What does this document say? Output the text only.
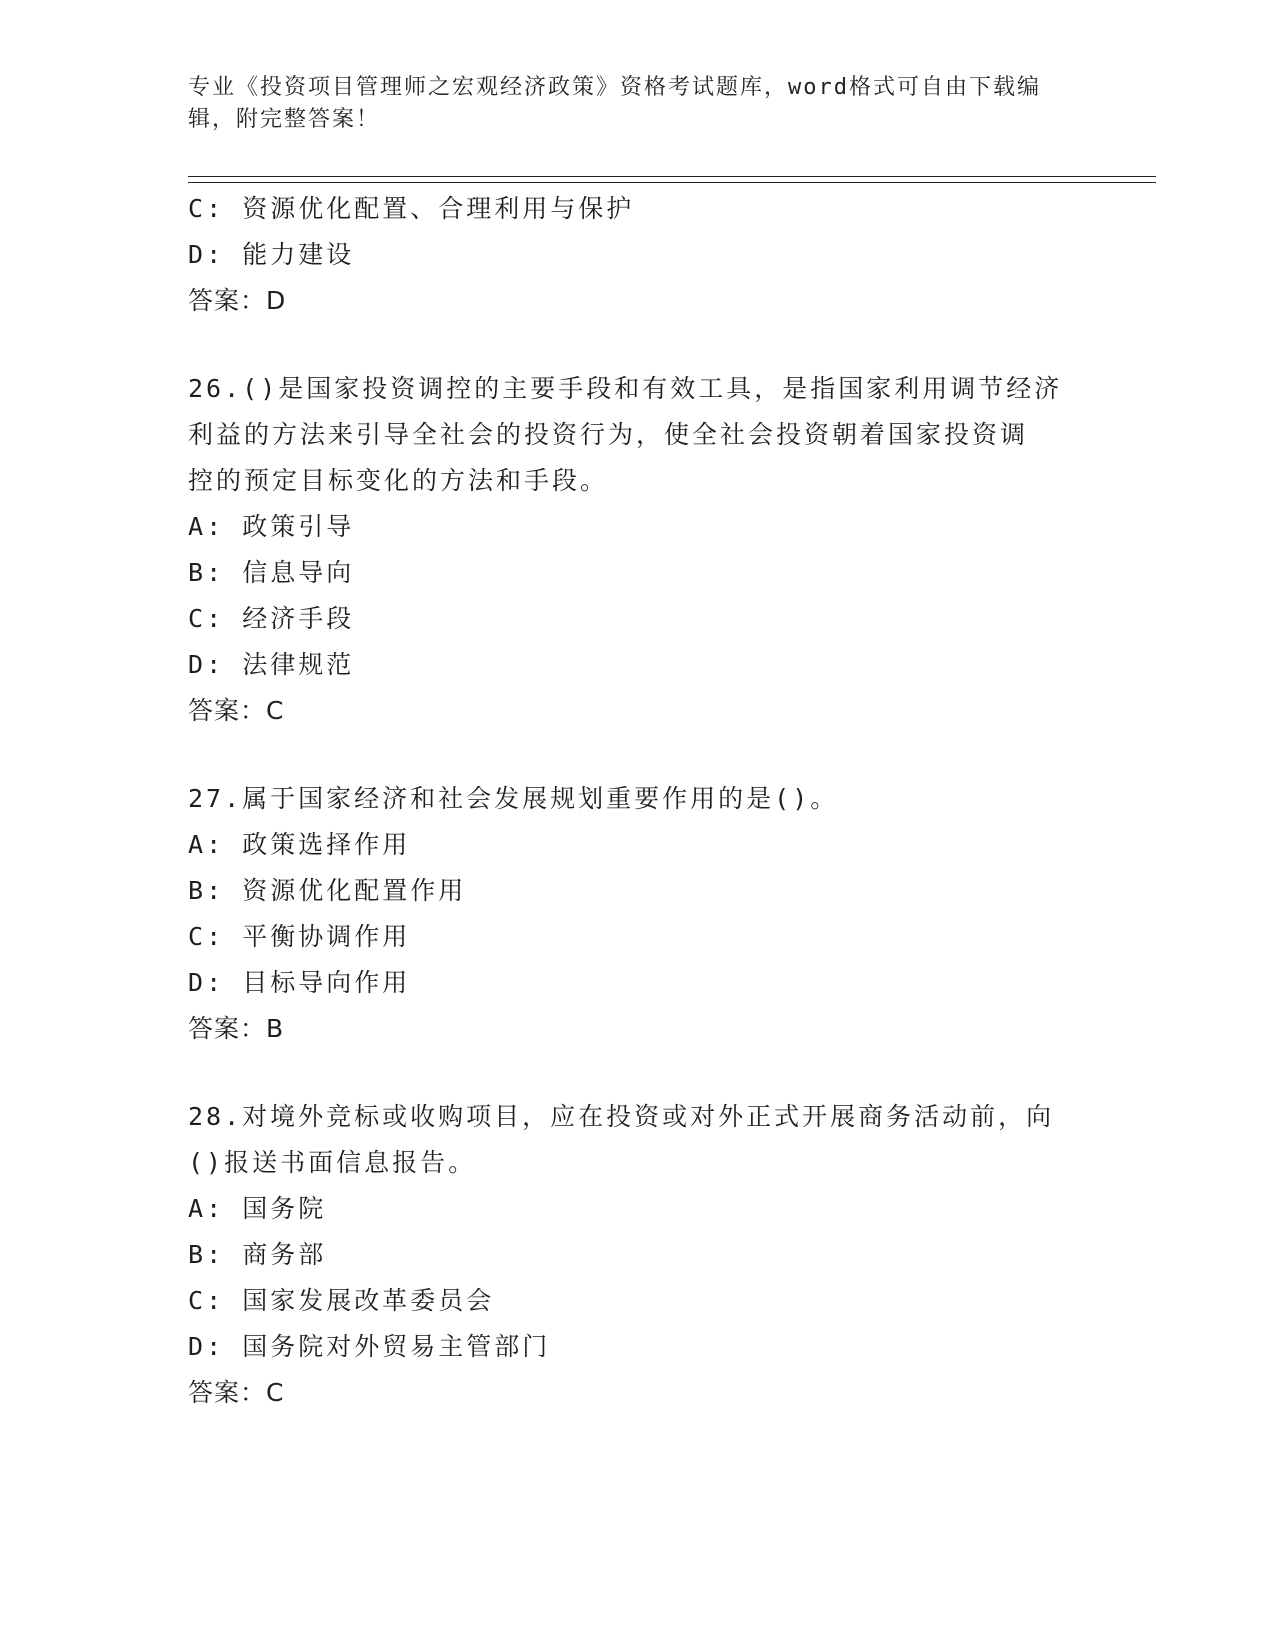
专业《投资项目管理师之宏观经济政策》资格考试题库，word格式可自由下载编辑，附完整答案！
C: 资源优化配置、合理利用与保护
D: 能力建设
答案：D
26.()是国家投资调控的主要手段和有效工具，是指国家利用调节经济
利益的方法来引导全社会的投资行为，使全社会投资朝着国家投资调
控的预定目标变化的方法和手段。
A: 政策引导
B: 信息导向
C: 经济手段
D: 法律规范
答案：C
27.属于国家经济和社会发展规划重要作用的是()。
A: 政策选择作用
B: 资源优化配置作用
C: 平衡协调作用
D: 目标导向作用
答案：B
28.对境外竞标或收购项目，应在投资或对外正式开展商务活动前，向
()报送书面信息报告。
A: 国务院
B: 商务部
C: 国家发展改革委员会
D: 国务院对外贸易主管部门
答案：C
